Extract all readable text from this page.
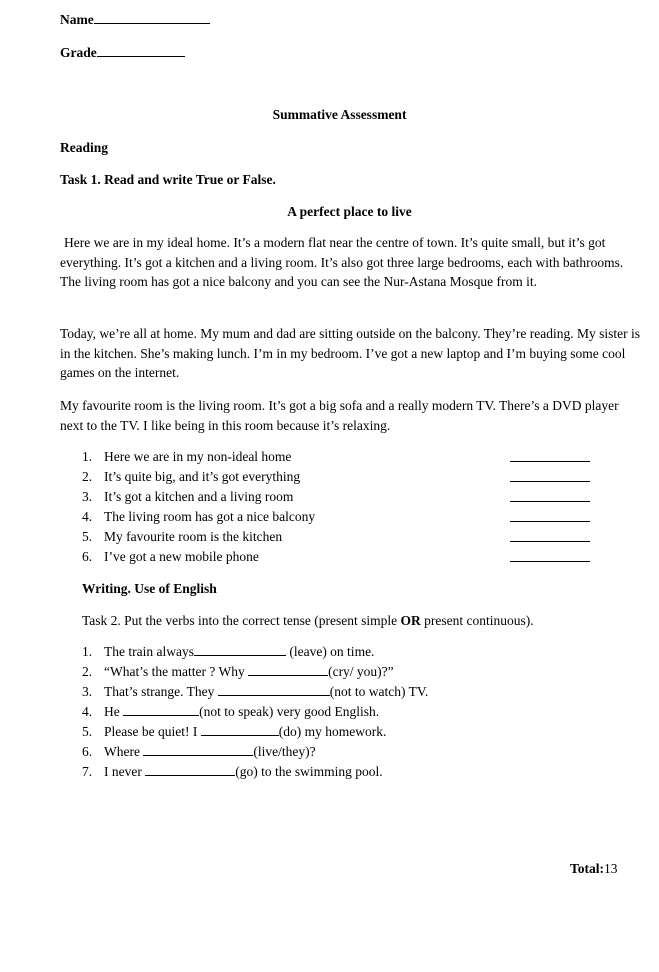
Name
Grade
Summative Assessment
Reading
Task 1. Read and write True or False.
A perfect place to live

Here we are in my ideal home. It’s a modern flat near the centre of town. It’s quite small, but it’s got everything. It’s got a kitchen and a living room. It’s also got three large bedrooms, each with bathrooms. The living room has got a nice balcony and you can see the Nur-Astana Mosque from it.

Today, we’re all at home. My mum and dad are sitting outside on the balcony. They’re reading. My sister is in the kitchen. She’s making lunch. I’m in my bedroom. I’ve got a new laptop and I’m buying some cool games on the internet.

My favourite room is the living room. It’s got a big sofa and a really modern TV. There’s a DVD player next to the TV. I like being in this room because it’s relaxing.

1. Here we are in my non-ideal home
2. It’s quite big, and it’s got everything
3. It’s got a kitchen and a living room
4. The living room has got a nice balcony
5. My favourite room is the kitchen
6. I’ve got a new mobile phone
Writing. Use of English
Task 2. Put the verbs into the correct tense (present simple OR present continuous).
1. The train always	(leave) on time.
2. “What’s the matter ? Why	(cry/ you)?”
3. That’s strange. They	(not to watch) TV.
4. He	(not to speak) very good English.
5. Please be quiet! I	(do) my homework.
6. Where	(live/they)?
7. I never	(go) to the swimming pool.
Total:13
